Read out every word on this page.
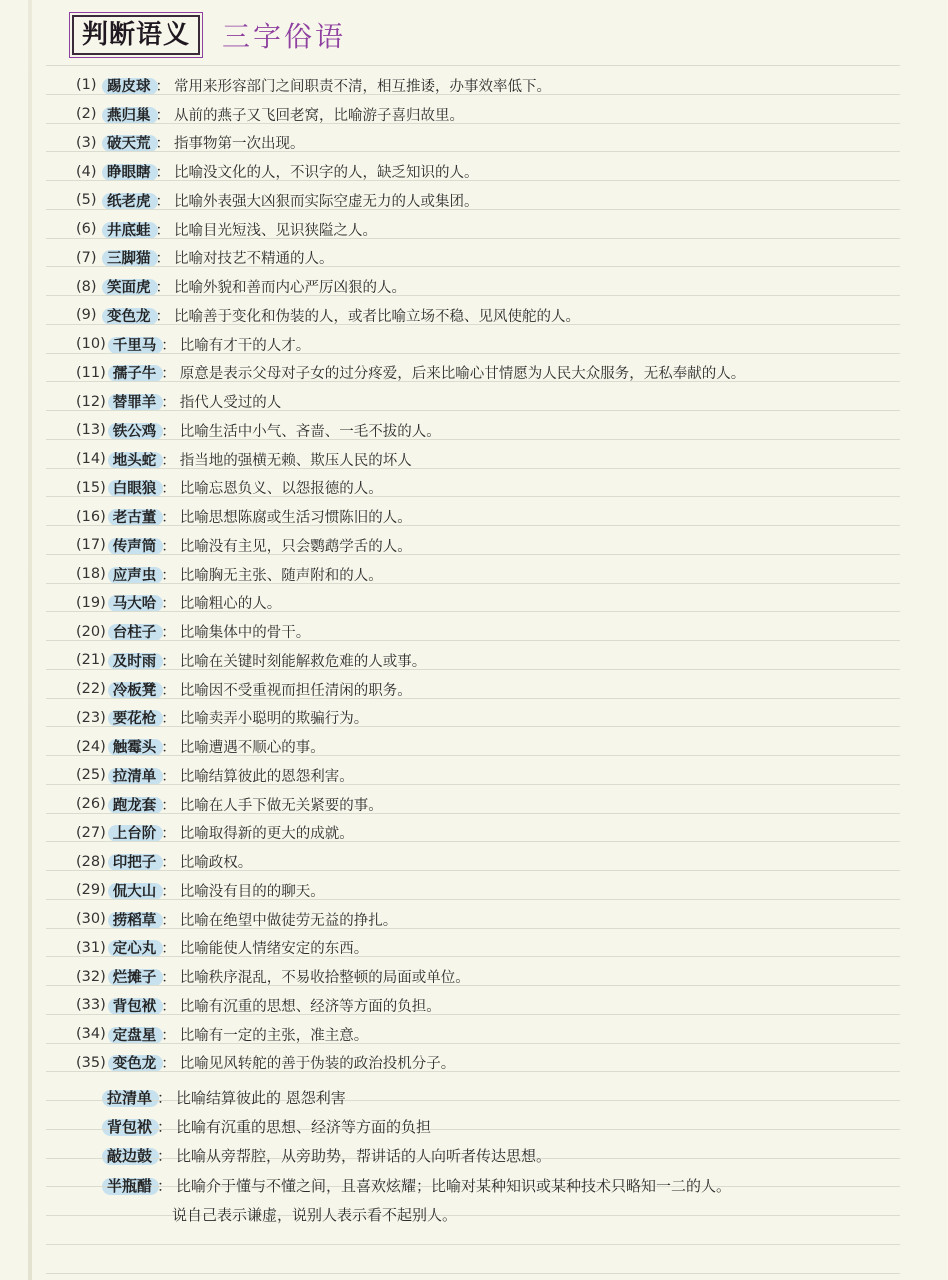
判断语义	三字俗语
(1) 踢皮球 ： 常用来形容部门之间职责不清，相互推诿，办事效率低下。
(2) 燕归巢 ： 从前的燕子又飞回老窝，比喻游子喜归故里。
(3) 破天荒 ： 指事物第一次出现。
(4) 睁眼瞎 ： 比喻没文化的人，不识字的人，缺乏知识的人。
(5) 纸老虎 ： 比喻外表强大凶狠而实际空虚无力的人或集团。
(6) 井底蛙 ： 比喻目光短浅、见识狭隘之人。
(7) 三脚猫 ： 比喻对技艺不精通的人。
(8) 笑面虎 ： 比喻外貌和善而内心严厉凶狠的人。
(9) 变色龙 ： 比喻善于变化和伪装的人，或者比喻立场不稳、见风使舵的人。
(10) 千里马 ： 比喻有才干的人才。
(11) 孺子牛 ： 原意是表示父母对子女的过分疼爱，后来比喻心甘情愿为人民大众服务，无私奉献的人。
(12) 替罪羊 ： 指代人受过的人
(13) 铁公鸡 ： 比喻生活中小气、吝啬、一毛不拔的人。
(14) 地头蛇 ： 指当地的强横无赖、欺压人民的坏人
(15) 白眼狼 ： 比喻忘恩负义、以怨报德的人。
(16) 老古董 ： 比喻思想陈腐或生活习惯陈旧的人。
(17) 传声筒 ： 比喻没有主见，只会鹦鹉学舌的人。
(18) 应声虫 ： 比喻胸无主张、随声附和的人。
(19) 马大哈 ： 比喻粗心的人。
(20) 台柱子 ： 比喻集体中的骨干。
(21) 及时雨 ： 比喻在关键时刻能解救危难的人或事。
(22) 冷板凳 ： 比喻因不受重视而担任清闲的职务。
(23) 要花枪 ： 比喻卖弄小聪明的欺骗行为。
(24) 触霉头 ： 比喻遭遇不顺心的事。
(25) 拉清单 ： 比喻结算彼此的恩怨利害。
(26) 跑龙套 ： 比喻在人手下做无关紧要的事。
(27) 上台阶 ： 比喻取得新的更大的成就。
(28) 印把子 ： 比喻政权。
(29) 侃大山 ： 比喻没有目的的聊天。
(30) 捞稻草 ： 比喻在绝望中做徒劳无益的挣扎。
(31) 定心丸 ： 比喻能使人情绪安定的东西。
(32) 烂摊子 ： 比喻秩序混乱，不易收拾整顿的局面或单位。
(33) 背包袱 ： 比喻有沉重的思想、经济等方面的负担。
(34) 定盘星 ： 比喻有一定的主张，准主意。
(35) 变色龙 ： 比喻见风转舵的善于伪装的政治投机分子。
拉清单 ： 比喻结算彼此的 恩怨利害
背包袱 ： 比喻有沉重的思想、经济等方面的负担
敲边鼓 ： 比喻从旁帮腔，从旁助势，帮讲话的人向听者传达思想。
半瓶醋 ： 比喻介于懂与不懂之间，且喜欢炫耀；比喻对某种知识或某种技术只略知一二的人。
说自己表示谦虚，说别人表示看不起别人。
